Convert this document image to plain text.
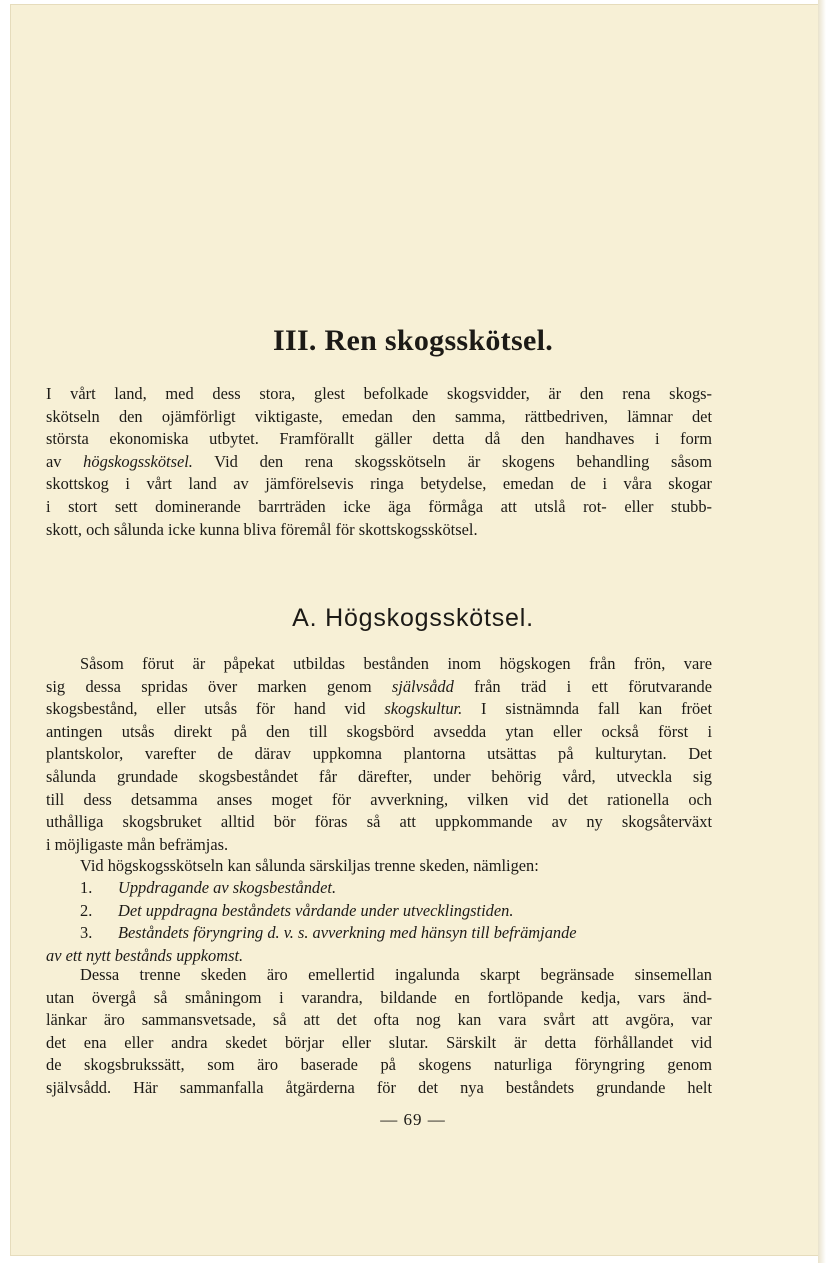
III. Ren skogsskötsel.
I vårt land, med dess stora, glest befolkade skogsvidder, är den rena skogs-
skötseln den ojämförligt viktigaste, emedan den samma, rättbedriven, lämnar det
största ekonomiska utbytet. Framförallt gäller detta då den handhaves i form
av högskogsskötsel. Vid den rena skogsskötseln är skogens behandling såsom
skottskog i vårt land av jämförelsevis ringa betydelse, emedan de i våra skogar
i stort sett dominerande barrträden icke äga förmåga att utslå rot- eller stubb-
skott, och sålunda icke kunna bliva föremål för skottskogsskötsel.
A. Högskogsskötsel.
Såsom förut är påpekat utbildas bestånden inom högskogen från frön, vare
sig dessa spridas över marken genom självsådd från träd i ett förutvarande
skogsbestånd, eller utsås för hand vid skogskultur. I sistnämnda fall kan fröet
antingen utsås direkt på den till skogsbörd avsedda ytan eller också först i
plantskolor, varefter de därav uppkomna plantorna utsättas på kulturytan. Det
sålunda grundade skogsbeståndet får därefter, under behörig vård, utveckla sig
till dess detsamma anses moget för avverkning, vilken vid det rationella och
uthålliga skogsbruket alltid bör föras så att uppkommande av ny skogsåterväxt
i möjligaste mån befrämjas.
Vid högskogsskötseln kan sålunda särskiljas trenne skeden, nämligen:
1. Uppdragande av skogsbeståndet.
2. Det uppdragna beståndets vårdande under utvecklingstiden.
3. Beståndets föryngring d. v. s. avverkning med hänsyn till befrämjande
av ett nytt bestånds uppkomst.
Dessa trenne skeden äro emellertid ingalunda skarpt begränsade sinsemellan
utan övergå så småningom i varandra, bildande en fortlöpande kedja, vars änd-
länkar äro sammansvetsade, så att det ofta nog kan vara svårt att avgöra, var
det ena eller andra skedet börjar eller slutar. Särskilt är detta förhållandet vid
de skogsbrukssätt, som äro baserade på skogens naturliga föryngring genom
självsådd. Här sammanfalla åtgärderna för det nya beståndets grundande helt
— 69 —
